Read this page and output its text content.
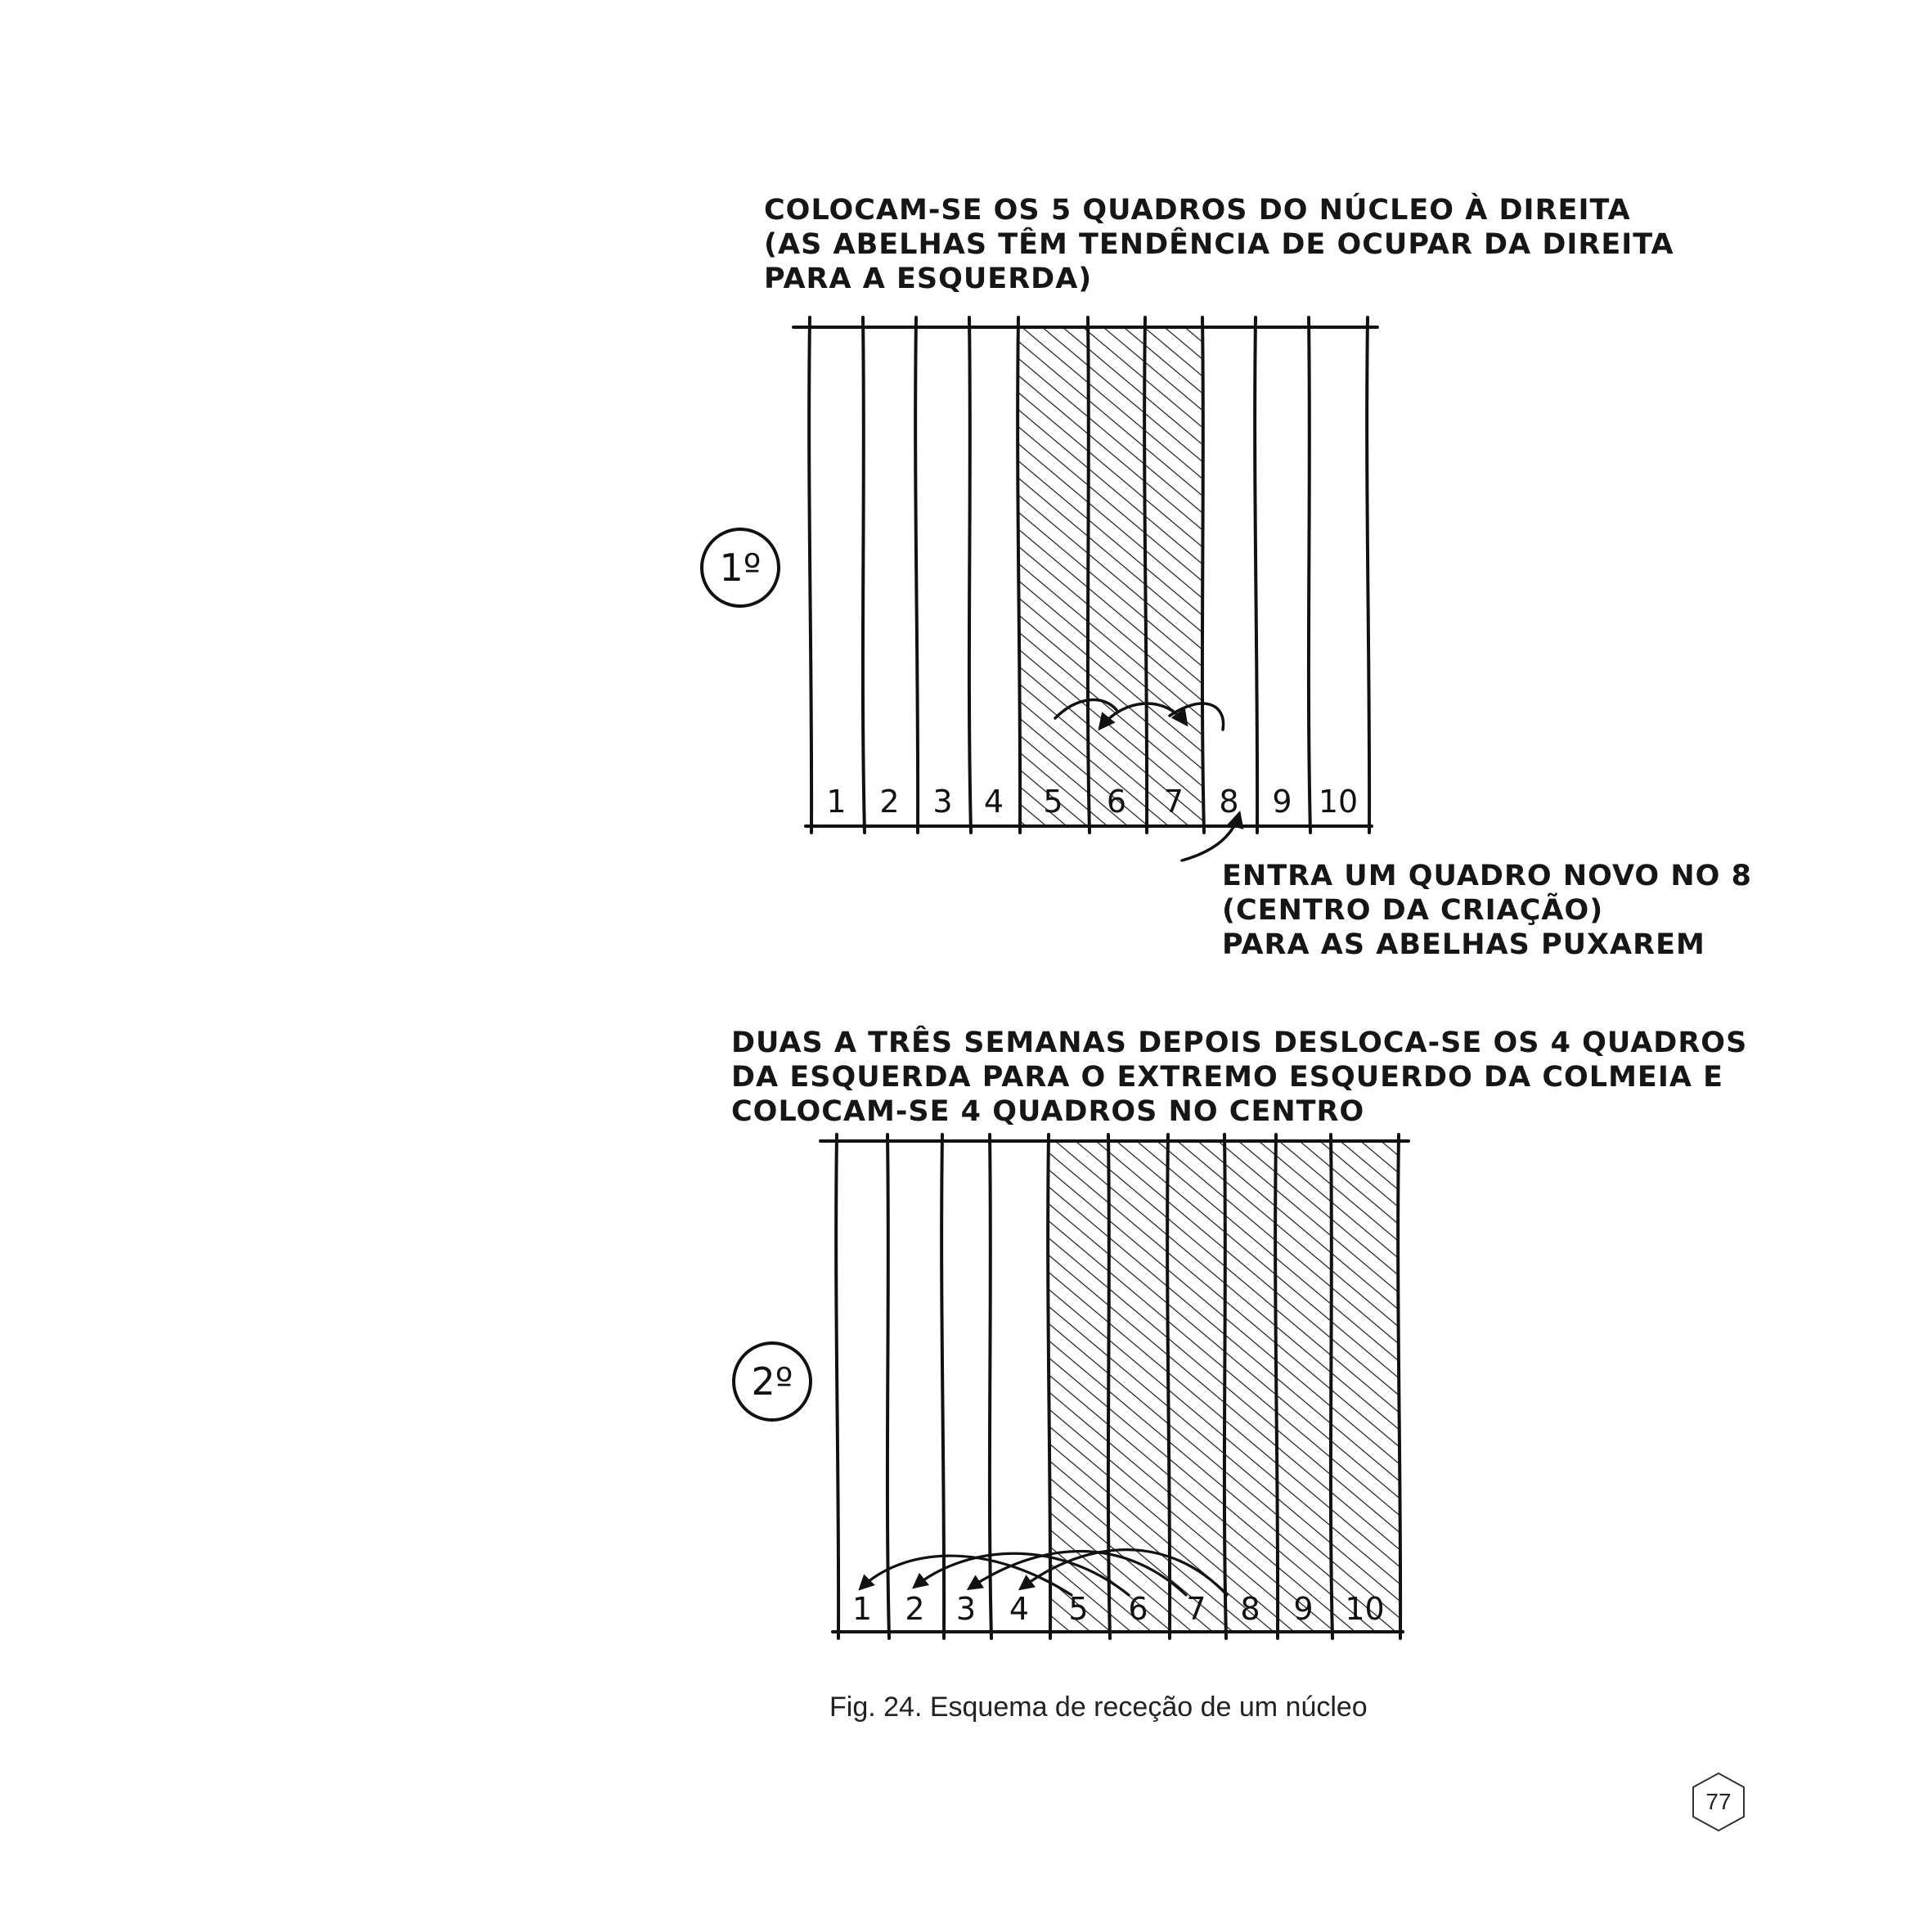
COLOCAM-SE OS 5 QUADROS DO NÚCLEO À DIREITA
(AS ABELHAS TÊM TENDÊNCIA DE OCUPAR DA DIREITA
PARA A ESQUERDA)
ENTRA UM QUADRO NOVO NO 8
(CENTRO DA CRIAÇÃO)
PARA AS ABELHAS PUXAREM
DUAS A TRÊS SEMANAS DEPOIS DESLOCA-SE OS 4 QUADROS
DA ESQUERDA PARA O EXTREMO ESQUERDO DA COLMEIA E
COLOCAM-SE 4 QUADROS NO CENTRO
1º
2º
1 2 3 4 5 6 7 8 9 10
1 2 3 4 5 6 7 8 9 10
Fig. 24. Esquema de receção de um núcleo
77
